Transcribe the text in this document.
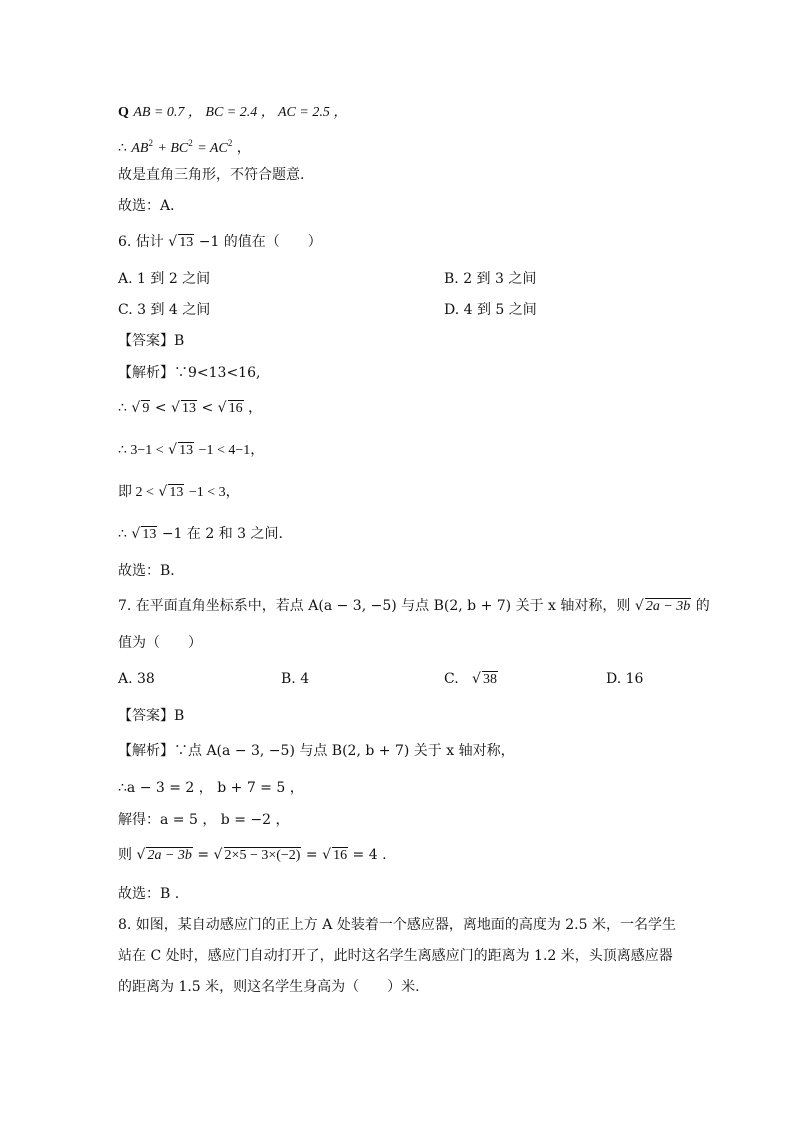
Q AB = 0.7 ， BC = 2.4 ， AC = 2.5 ，
∴ $AB^2 + BC^2 = AC^2$ ，
故是直角三角形，不符合题意.
故选：A．
6. 估计 √ 13 −1 的值在（　　）
A. 1 到 2 之间	B. 2 到 3 之间
C. 3 到 4 之间	D. 4 到 5 之间
【答案】B
【解析】∵9<13<16,
∴ √ 9 < √ 13 < √ 16 ，
∴ 3−1 < √ 13 −1 < 4−1，
即 2 < √ 13 −1 < 3，
∴ √ 13 −1 在 2 和 3 之间.
故选：B．
7. 在平面直角坐标系中，若点 A(a − 3, −5) 与点 B(2, b + 7) 关于 x 轴对称，则 √ 2a − 3b 的
值为（　　）
A. 38	B. 4	C. √ 38	D. 16
【答案】B
【解析】∵点 A(a − 3, −5) 与点 B(2, b + 7) 关于 x 轴对称，
∴a − 3 = 2 ， b + 7 = 5 ，
解得：a = 5 ， b = −2 ，
则 √ 2a − 3b = √ 2×5 − 3×(−2) = √ 16 = 4 .
故选：B .
8. 如图，某自动感应门的正上方 A 处装着一个感应器，离地面的高度为 2.5 米，一名学生
站在 C 处时，感应门自动打开了，此时这名学生离感应门的距离为 1.2 米，头顶离感应器
的距离为 1.5 米，则这名学生身高为（　　）米.
